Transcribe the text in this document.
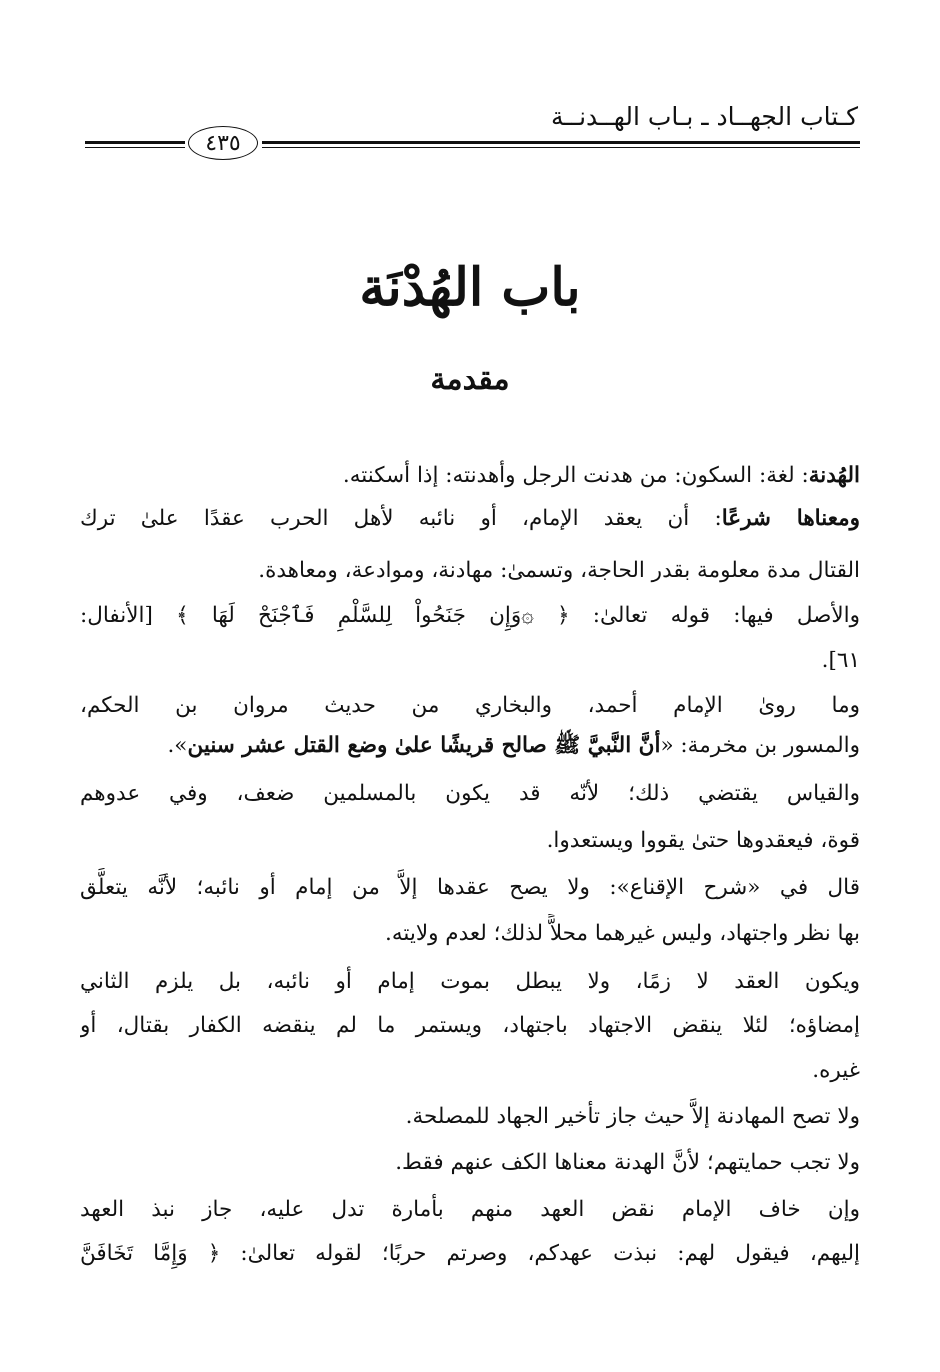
كـتاب الجهــاد ـ بـاب الهــدنــة
٤٣٥
باب الهُدْنَة
مقدمة
الهُدنة: لغة: السكون: من هدنت الرجل وأهدنته: إذا أسكنته.
ومعناها شرعًا: أن يعقد الإمام، أو نائبه لأهل الحرب عقدًا علىٰ ترك
القتال مدة معلومة بقدر الحاجة، وتسمىٰ: مهادنة، وموادعة، ومعاهدة.
والأصل فيها: قوله تعالىٰ: ﴿ ۞وَإِن جَنَحُواْ لِلسَّلْمِ فَٱجْنَحْ لَهَا ﴾ [الأنفال:
٦١].
وما روىٰ الإمام أحمد، والبخاري من حديث مروان بن الحكم،
والمسور بن مخرمة: «أنَّ النَّبيَّ ﷺ صالح قريشًا علىٰ وضع القتل عشر سنين».
والقياس يقتضي ذلك؛ لأنّه قد يكون بالمسلمين ضعف، وفي عدوهم
قوة، فيعقدوها حتىٰ يقووا ويستعدوا.
قال في «شرح الإقناع»: ولا يصح عقدها إلاَّ من إمام أو نائبه؛ لأنَّه يتعلَّق
بها نظر واجتهاد، وليس غيرهما محلاًّ لذلك؛ لعدم ولايته.
ويكون العقد لا زمًا، ولا يبطل بموت إمام أو نائبه، بل يلزم الثاني
إمضاؤه؛ لئلا ينقض الاجتهاد باجتهاد، ويستمر ما لم ينقضه الكفار بقتال، أو
غيره.
ولا تصح المهادنة إلاَّ حيث جاز تأخير الجهاد للمصلحة.
ولا تجب حمايتهم؛ لأنَّ الهدنة معناها الكف عنهم فقط.
وإن خاف الإمام نقض العهد منهم بأمارة تدل عليه، جاز نبذ العهد
إليهم، فيقول لهم: نبذت عهدكم، وصرتم حربًا؛ لقوله تعالىٰ: ﴿ وَإِمَّا تَخَافَنَّ
